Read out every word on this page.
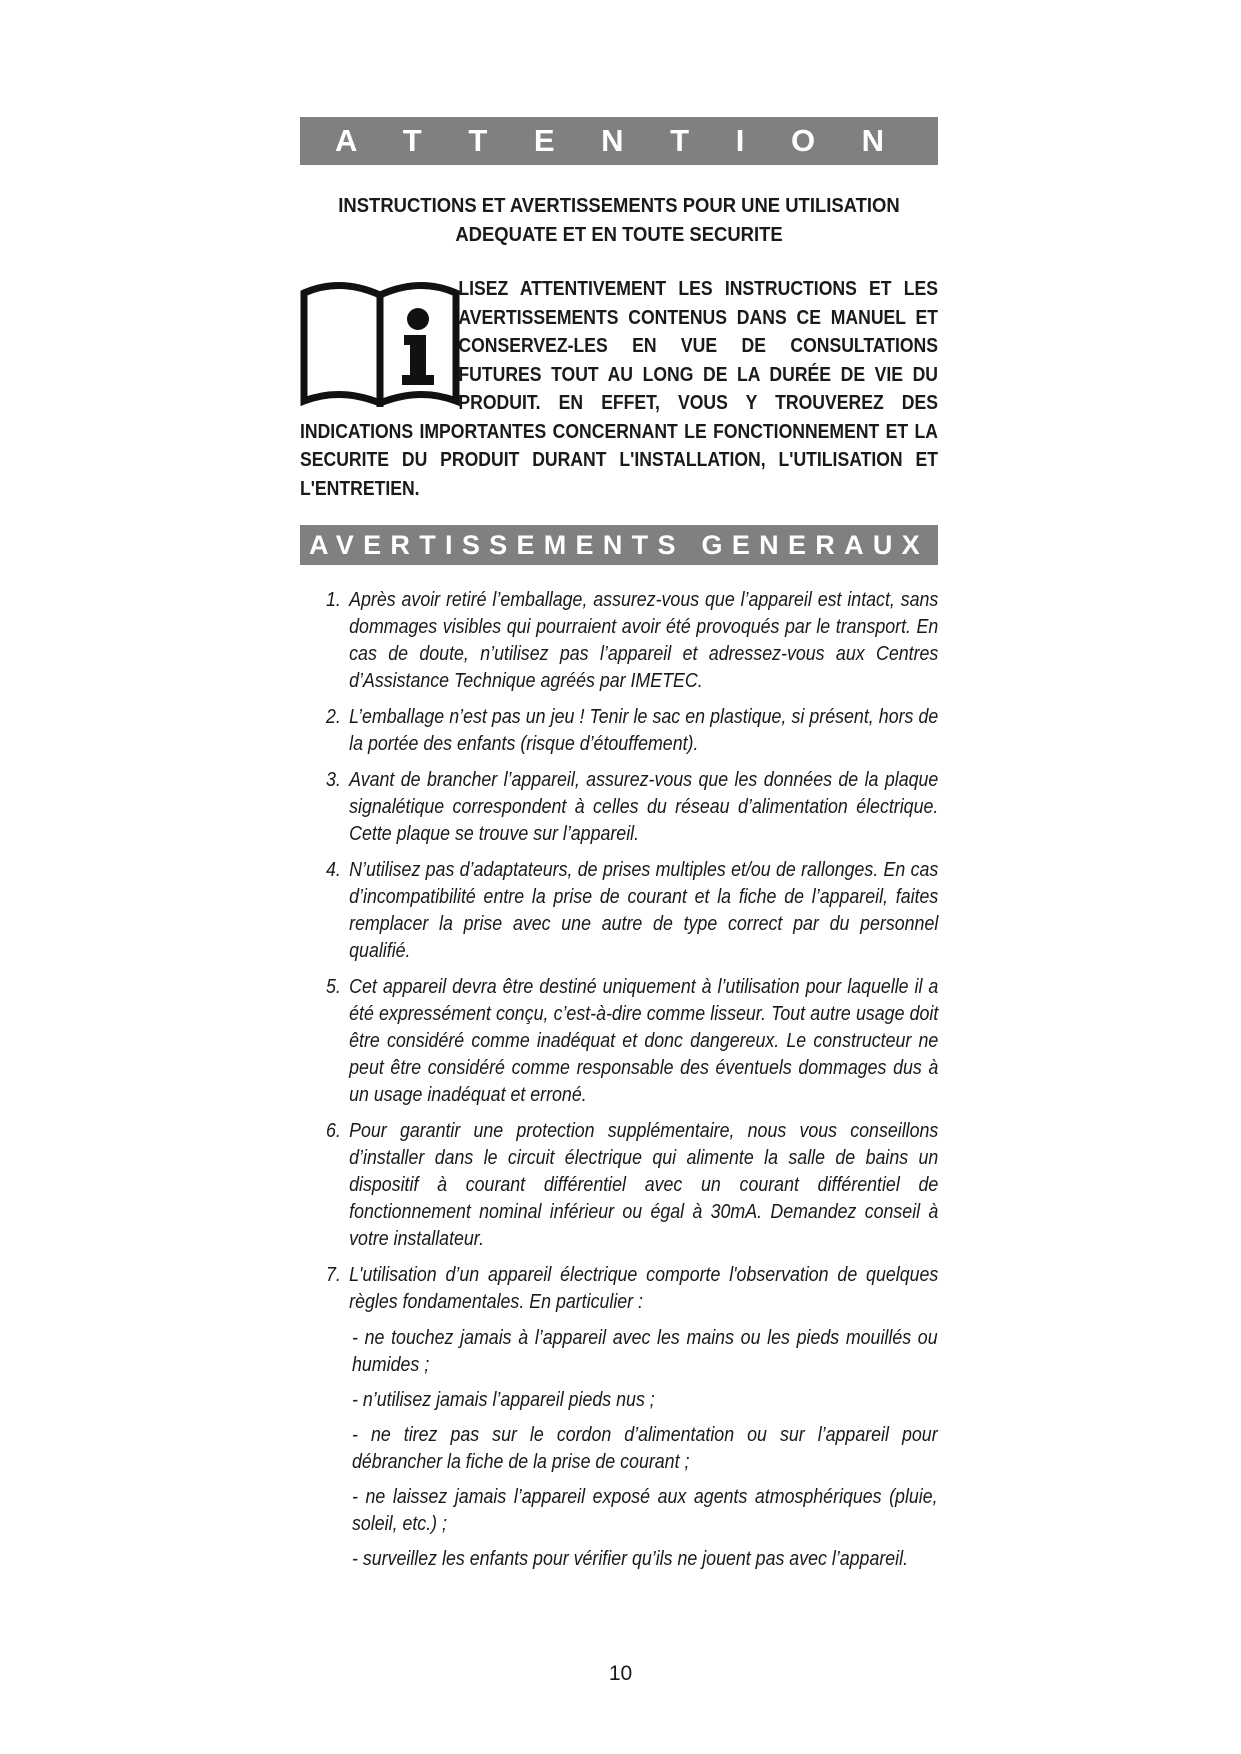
A T T E N T I O N
INSTRUCTIONS ET AVERTISSEMENTS POUR UNE UTILISATION
ADEQUATE ET EN TOUTE SECURITE
LISEZ ATTENTIVEMENT LES INSTRUCTIONS ET LES AVERTISSEMENTS CONTENUS DANS CE MANUEL ET CONSERVEZ-LES EN VUE DE CONSULTATIONS FUTURES TOUT AU LONG DE LA DURÉE DE VIE DU PRODUIT. EN EFFET, VOUS Y TROUVEREZ DES INDICATIONS IMPORTANTES CONCERNANT LE FONCTIONNEMENT ET LA SECURITE DU PRODUIT DURANT L'INSTALLATION, L'UTILISATION ET L'ENTRETIEN.
AVERTISSEMENTS GENERAUX
1. Après avoir retiré l’emballage, assurez-vous que l’appareil est intact, sans dommages visibles qui pourraient avoir été provoqués par le transport. En cas de doute, n’utilisez pas l’appareil et adressez-vous aux Centres d’Assistance Technique agréés par IMETEC.
2. L’emballage n’est pas un jeu ! Tenir le sac en plastique, si présent, hors de la portée des enfants (risque d’étouffement).
3. Avant de brancher l’appareil, assurez-vous que les données de la plaque signalétique correspondent à celles du réseau d’alimentation électrique. Cette plaque se trouve sur l’appareil.
4. N’utilisez pas d’adaptateurs, de prises multiples et/ou de rallonges. En cas d’incompatibilité entre la prise de courant et la fiche de l’appareil, faites remplacer la prise avec une autre de type correct par du personnel qualifié.
5. Cet appareil devra être destiné uniquement à l’utilisation pour laquelle il a été expressément conçu, c’est-à-dire comme lisseur. Tout autre usage doit être considéré comme inadéquat et donc dangereux. Le constructeur ne peut être considéré comme responsable des éventuels dommages dus à un usage inadéquat et erroné.
6. Pour garantir une protection supplémentaire, nous vous conseillons d’installer dans le circuit électrique qui alimente la salle de bains un dispositif à courant différentiel avec un courant différentiel de fonctionnement nominal inférieur ou égal à 30mA. Demandez conseil à votre installateur.
7. L'utilisation d’un appareil électrique comporte l'observation de quelques règles fondamentales. En particulier :
- ne touchez jamais à l’appareil avec les mains ou les pieds mouillés ou humides ;
- n’utilisez jamais l’appareil pieds nus ;
- ne tirez pas sur le cordon d’alimentation ou sur l’appareil pour débrancher la fiche de la prise de courant ;
- ne laissez jamais l’appareil exposé aux agents atmosphériques (pluie, soleil, etc.) ;
- surveillez les enfants pour vérifier qu’ils ne jouent pas avec l’appareil.
10
